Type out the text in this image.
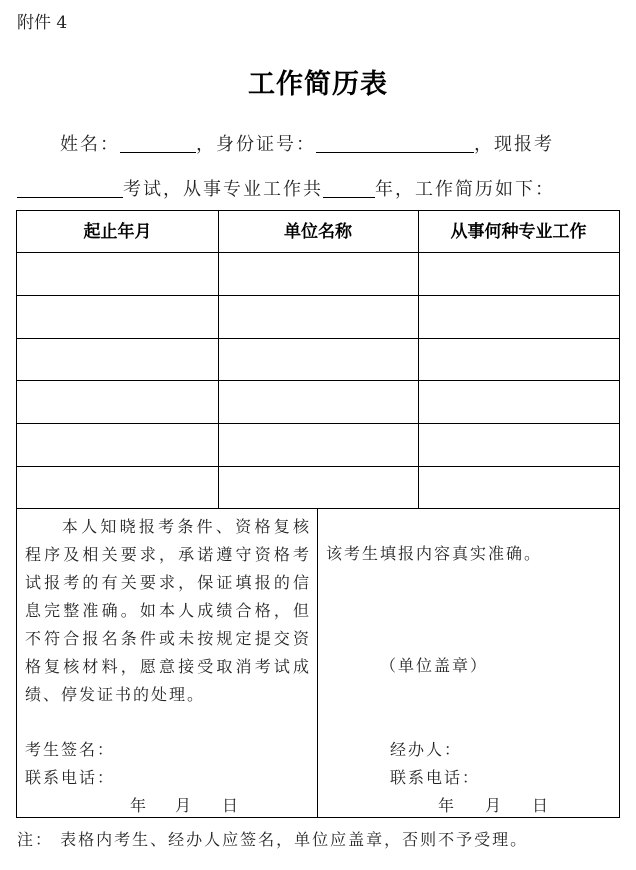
附件 4
工作简历表
姓名：	，身份证号：	，现报考
考试，从事专业工作共	年，工作简历如下：
起止年月	单位名称	从事何种专业工作
本人知晓报考条件、资格复核程序及相关要求，承诺遵守资格考试报考的有关要求，保证填报的信息完整准确。如本人成绩合格，但不符合报名条件或未按规定提交资格复核材料，愿意接受取消考试成绩、停发证书的处理。
考生签名：
联系电话：
年 月 日
该考生填报内容真实准确。
（单位盖章）
经办人：
联系电话：
年 月 日
注： 表格内考生、经办人应签名，单位应盖章，否则不予受理。
